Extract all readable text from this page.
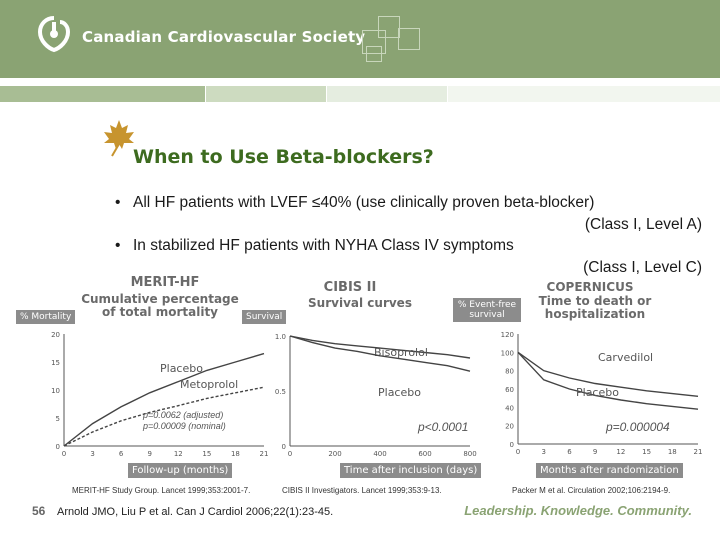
Canadian Cardiovascular Society
When to Use Beta-blockers?
• All HF patients with LVEF ≤40% (use clinically proven beta-blocker)
(Class I, Level A)
• In stabilized HF patients with NYHA Class IV symptoms
(Class I, Level C)
MERIT-HF
Cumulative percentage of total mortality
% Mortality
0
5
10
15
20
0	3	6	9	12	15	18	21
Placebo
Metoprolol
Follow-up (months)
p=0.0062 (adjusted)
p=0.00009 (nominal)
CIBIS II
Survival curves
Survival
0
0.5
1.0
0	200	400	600	800
Bisoprolol
Placebo
Time after inclusion (days)
p<0.0001
COPERNICUS
Time to death or hospitalization
% Event-free survival
0
20
40
60
80
100
120
0	3	6	9	12 15 18 21
Carvedilol
Placebo
Months after randomization
p=0.000004
MERIT-HF Study Group. Lancet 1999;353:2001-7.	CIBIS II Investigators. Lancet 1999;353:9-13.	Packer M et al. Circulation 2002;106:2194-9.
56 Arnold JMO, Liu P et al. Can J Cardiol 2006;22(1):23-45.	Leadership. Knowledge. Community.
